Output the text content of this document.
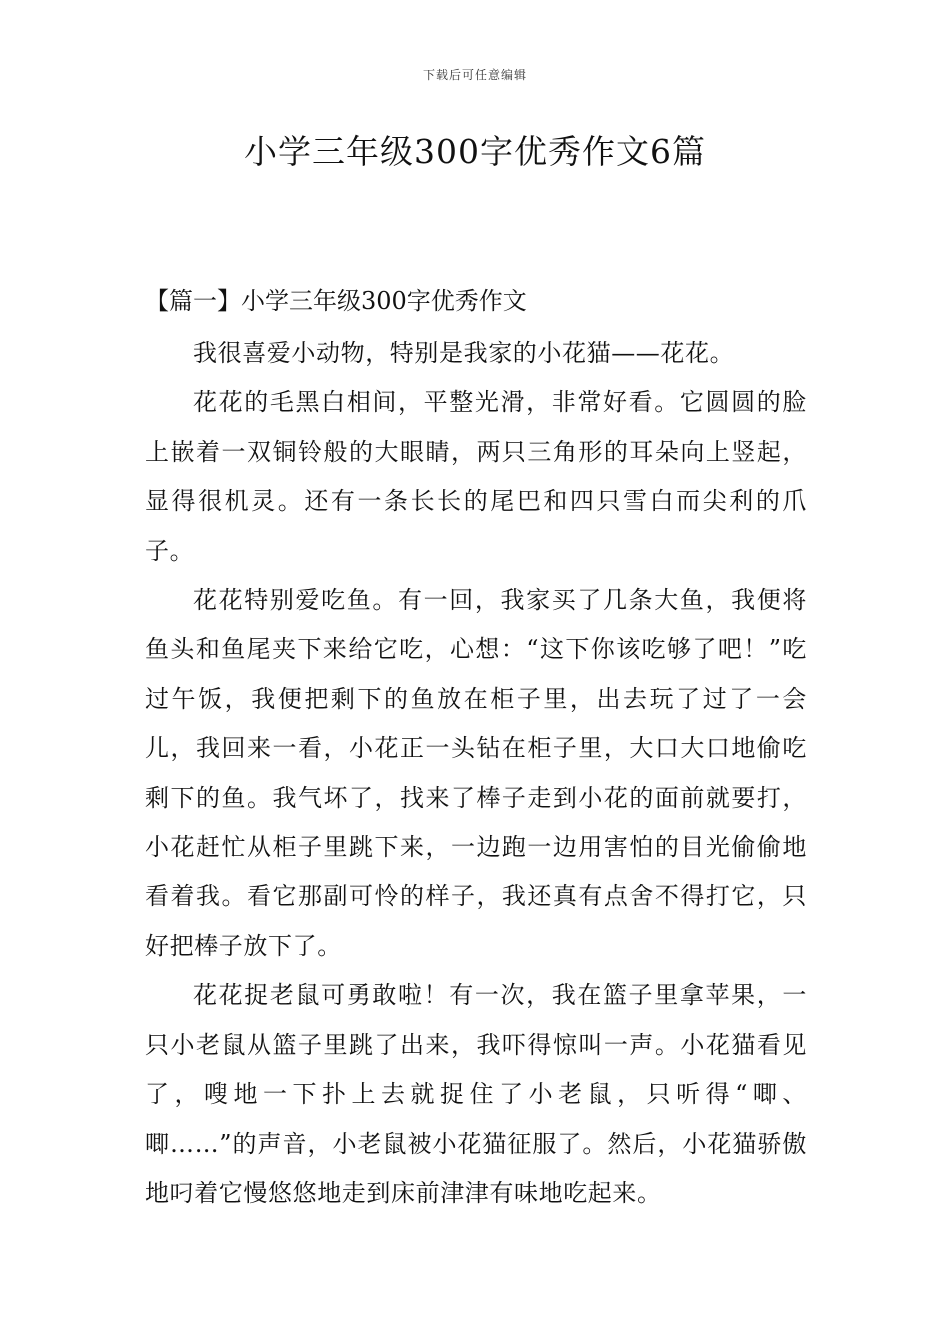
下载后可任意编辑
小学三年级300字优秀作文6篇
【篇一】小学三年级300字优秀作文

我很喜爱小动物，特别是我家的小花猫——花花。

花花的毛黑白相间，平整光滑，非常好看。它圆圆的脸上嵌着一双铜铃般的大眼睛，两只三角形的耳朵向上竖起，显得很机灵。还有一条长长的尾巴和四只雪白而尖利的爪子。

花花特别爱吃鱼。有一回，我家买了几条大鱼，我便将鱼头和鱼尾夹下来给它吃，心想：“这下你该吃够了吧！”吃过午饭，我便把剩下的鱼放在柜子里，出去玩了过了一会儿，我回来一看，小花正一头钻在柜子里，大口大口地偷吃剩下的鱼。我气坏了，找来了棒子走到小花的面前就要打，小花赶忙从柜子里跳下来，一边跑一边用害怕的目光偷偷地看着我。看它那副可怜的样子，我还真有点舍不得打它，只好把棒子放下了。

花花捉老鼠可勇敢啦！有一次，我在篮子里拿苹果，一只小老鼠从篮子里跳了出来，我吓得惊叫一声。小花猫看见了，嗖地一下扑上去就捉住了小老鼠，只听得“唧、唧……”的声音，小老鼠被小花猫征服了。然后，小花猫骄傲地叼着它慢悠悠地走到床前津津有味地吃起来。
